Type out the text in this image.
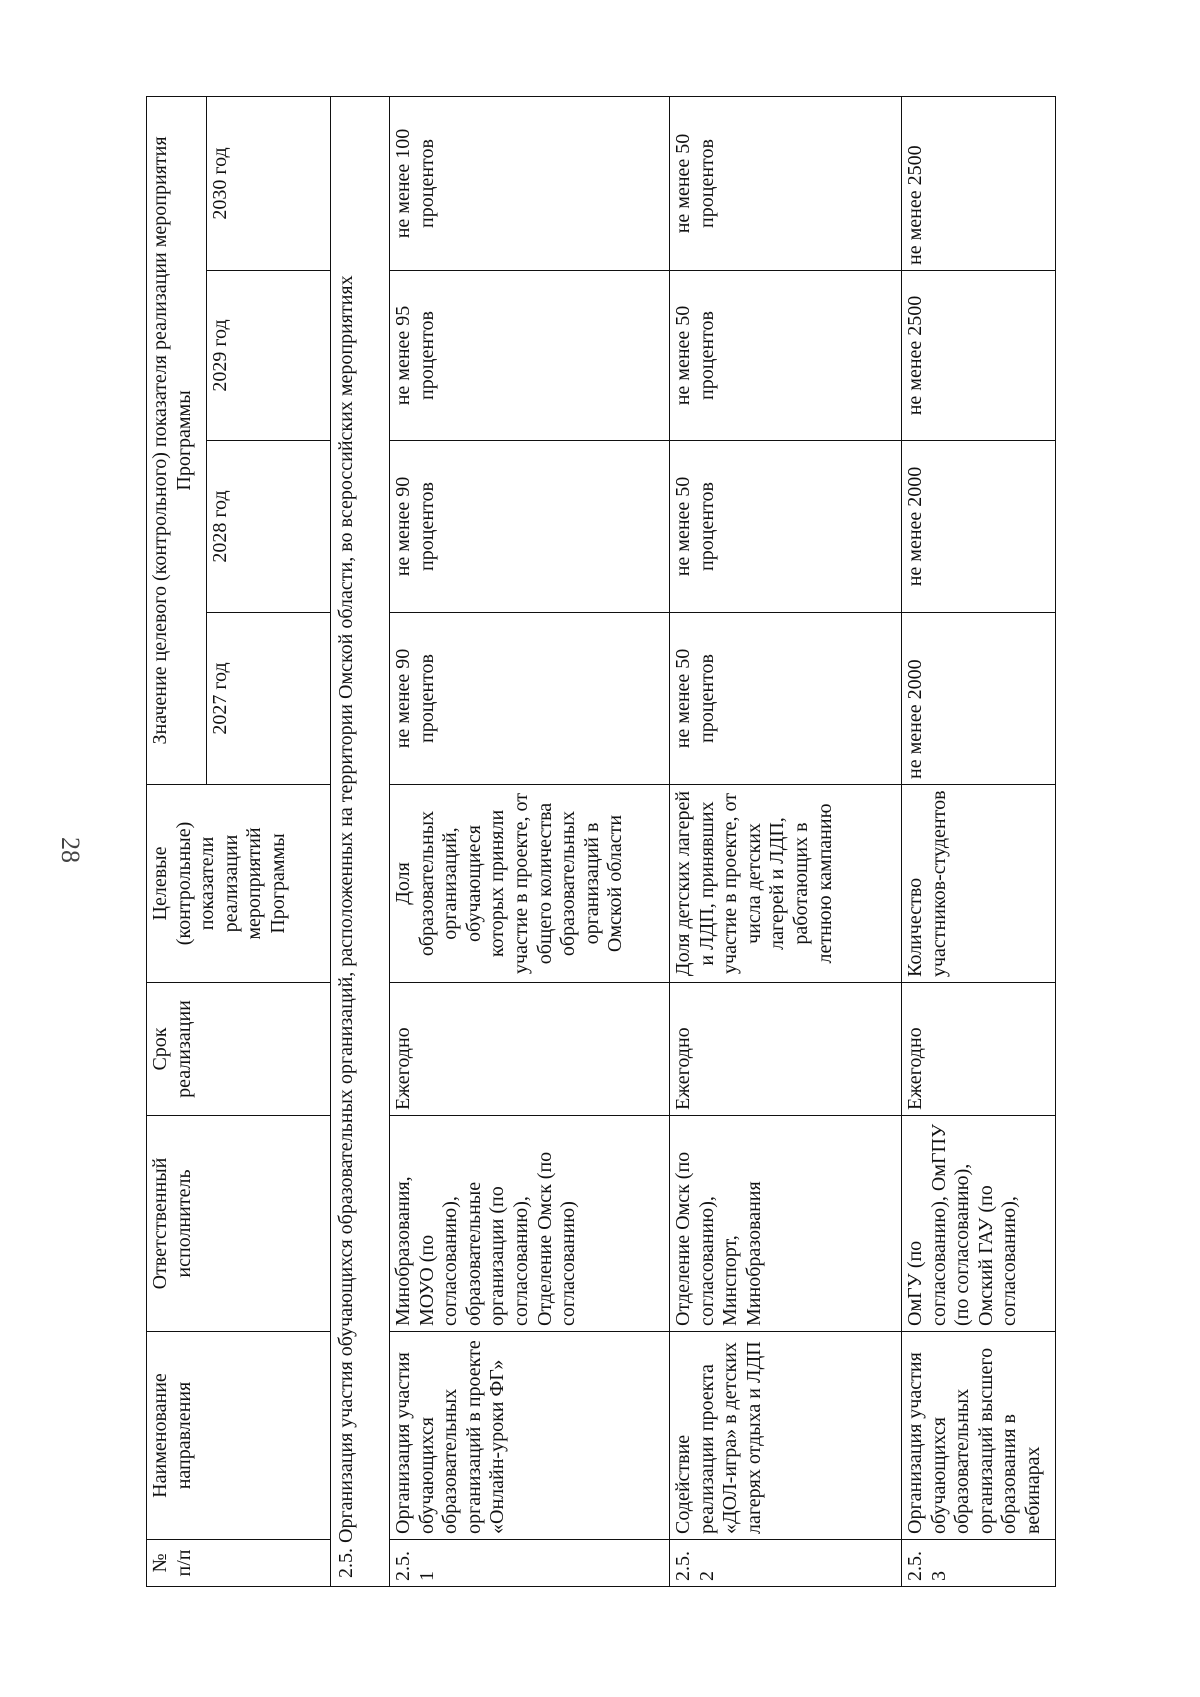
28
№ п/п	Наименование направления	Ответственный исполнитель	Срок реализации	Целевые (контрольные) показатели реализации мероприятий Программы	Значение целевого (контрольного) показателя реализации мероприятия Программы			
					2027 год	2028 год	2029 год	2030 год
2.5. Организация участия обучающихся образовательных организаций, расположенных на территории Омской области, во всероссийских мероприятиях								
2.5.1	Организация участия обучающихся образовательных организаций в проекте «Онлайн-уроки ФГ»	Минобразования, МОУО (по согласованию), образовательные организации (по согласованию), Отделение Омск (по согласованию)	Ежегодно	Доля образовательных организаций, обучающиеся которых приняли участие в проекте, от общего количества образовательных организаций в Омской области	не менее 90 процентов	не менее 90 процентов	не менее 95 процентов	не менее 100 процентов
2.5.2	Содействие реализации проекта «ДОЛ-игра» в детских лагерях отдыха и ЛДП	Отделение Омск (по согласованию), Минспорт, Минобразования	Ежегодно	Доля детских лагерей и ЛДП, принявших участие в проекте, от числа детских лагерей и ЛДП, работающих в летнюю кампанию	не менее 50 процентов	не менее 50 процентов	не менее 50 процентов	не менее 50 процентов
2.5.3	Организация участия обучающихся образовательных организаций высшего образования в вебинарах	ОмГУ (по согласованию), ОмГПУ (по согласованию), Омский ГАУ (по согласованию),	Ежегодно	Количество участников-студентов	не менее 2000	не менее 2000	не менее 2500	не менее 2500
